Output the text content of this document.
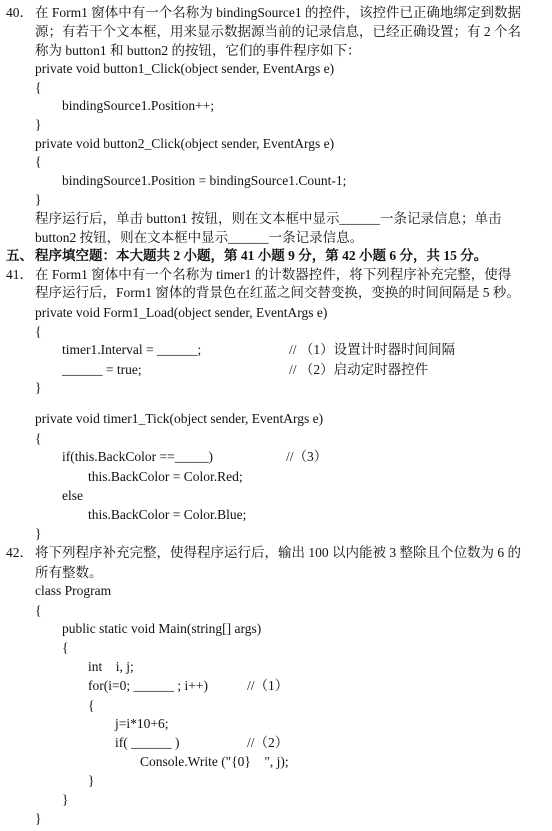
40． 在 Form1 窗体中有一个名称为 bindingSource1 的控件，该控件已正确地绑定到数据
源；有若干个文本框，用来显示数据源当前的记录信息，已经正确设置；有 2 个名
称为 button1 和 button2 的按钮，它们的事件程序如下：
private void button1_Click(object sender, EventArgs e)
{
bindingSource1.Position++;
}
private void button2_Click(object sender, EventArgs e)
{
bindingSource1.Position = bindingSource1.Count-1;
}
程序运行后，单击 button1 按钮，则在文本框中显示______一条记录信息；单击
button2 按钮，则在文本框中显示______一条记录信息。
五、 程序填空题：本大题共 2 小题，第 41 小题 9 分，第 42 小题 6 分，共 15 分。
41． 在 Form1 窗体中有一个名称为 timer1 的计数器控件，将下列程序补充完整，使得
程序运行后，Form1 窗体的背景色在红蓝之间交替变换，变换的时间间隔是 5 秒。
private void Form1_Load(object sender, EventArgs e)
{
timer1.Interval = ______;	// （1）设置计时器时间间隔
______ = true;	// （2）启动定时器控件
}
private void timer1_Tick(object sender, EventArgs e)
{
if(this.BackColor ==_____)	//（3）
this.BackColor = Color.Red;
else
this.BackColor = Color.Blue;
}
42． 将下列程序补充完整，使得程序运行后，输出 100 以内能被 3 整除且个位数为 6 的
所有整数。
class Program
{
public static void Main(string[] args)
{
int    i, j;
for(i=0; ______ ; i++)	//（1）
{
j=i*10+6;
if( ______ )	//（2）
Console.Write ("{0}    ", j);
}
}
}
